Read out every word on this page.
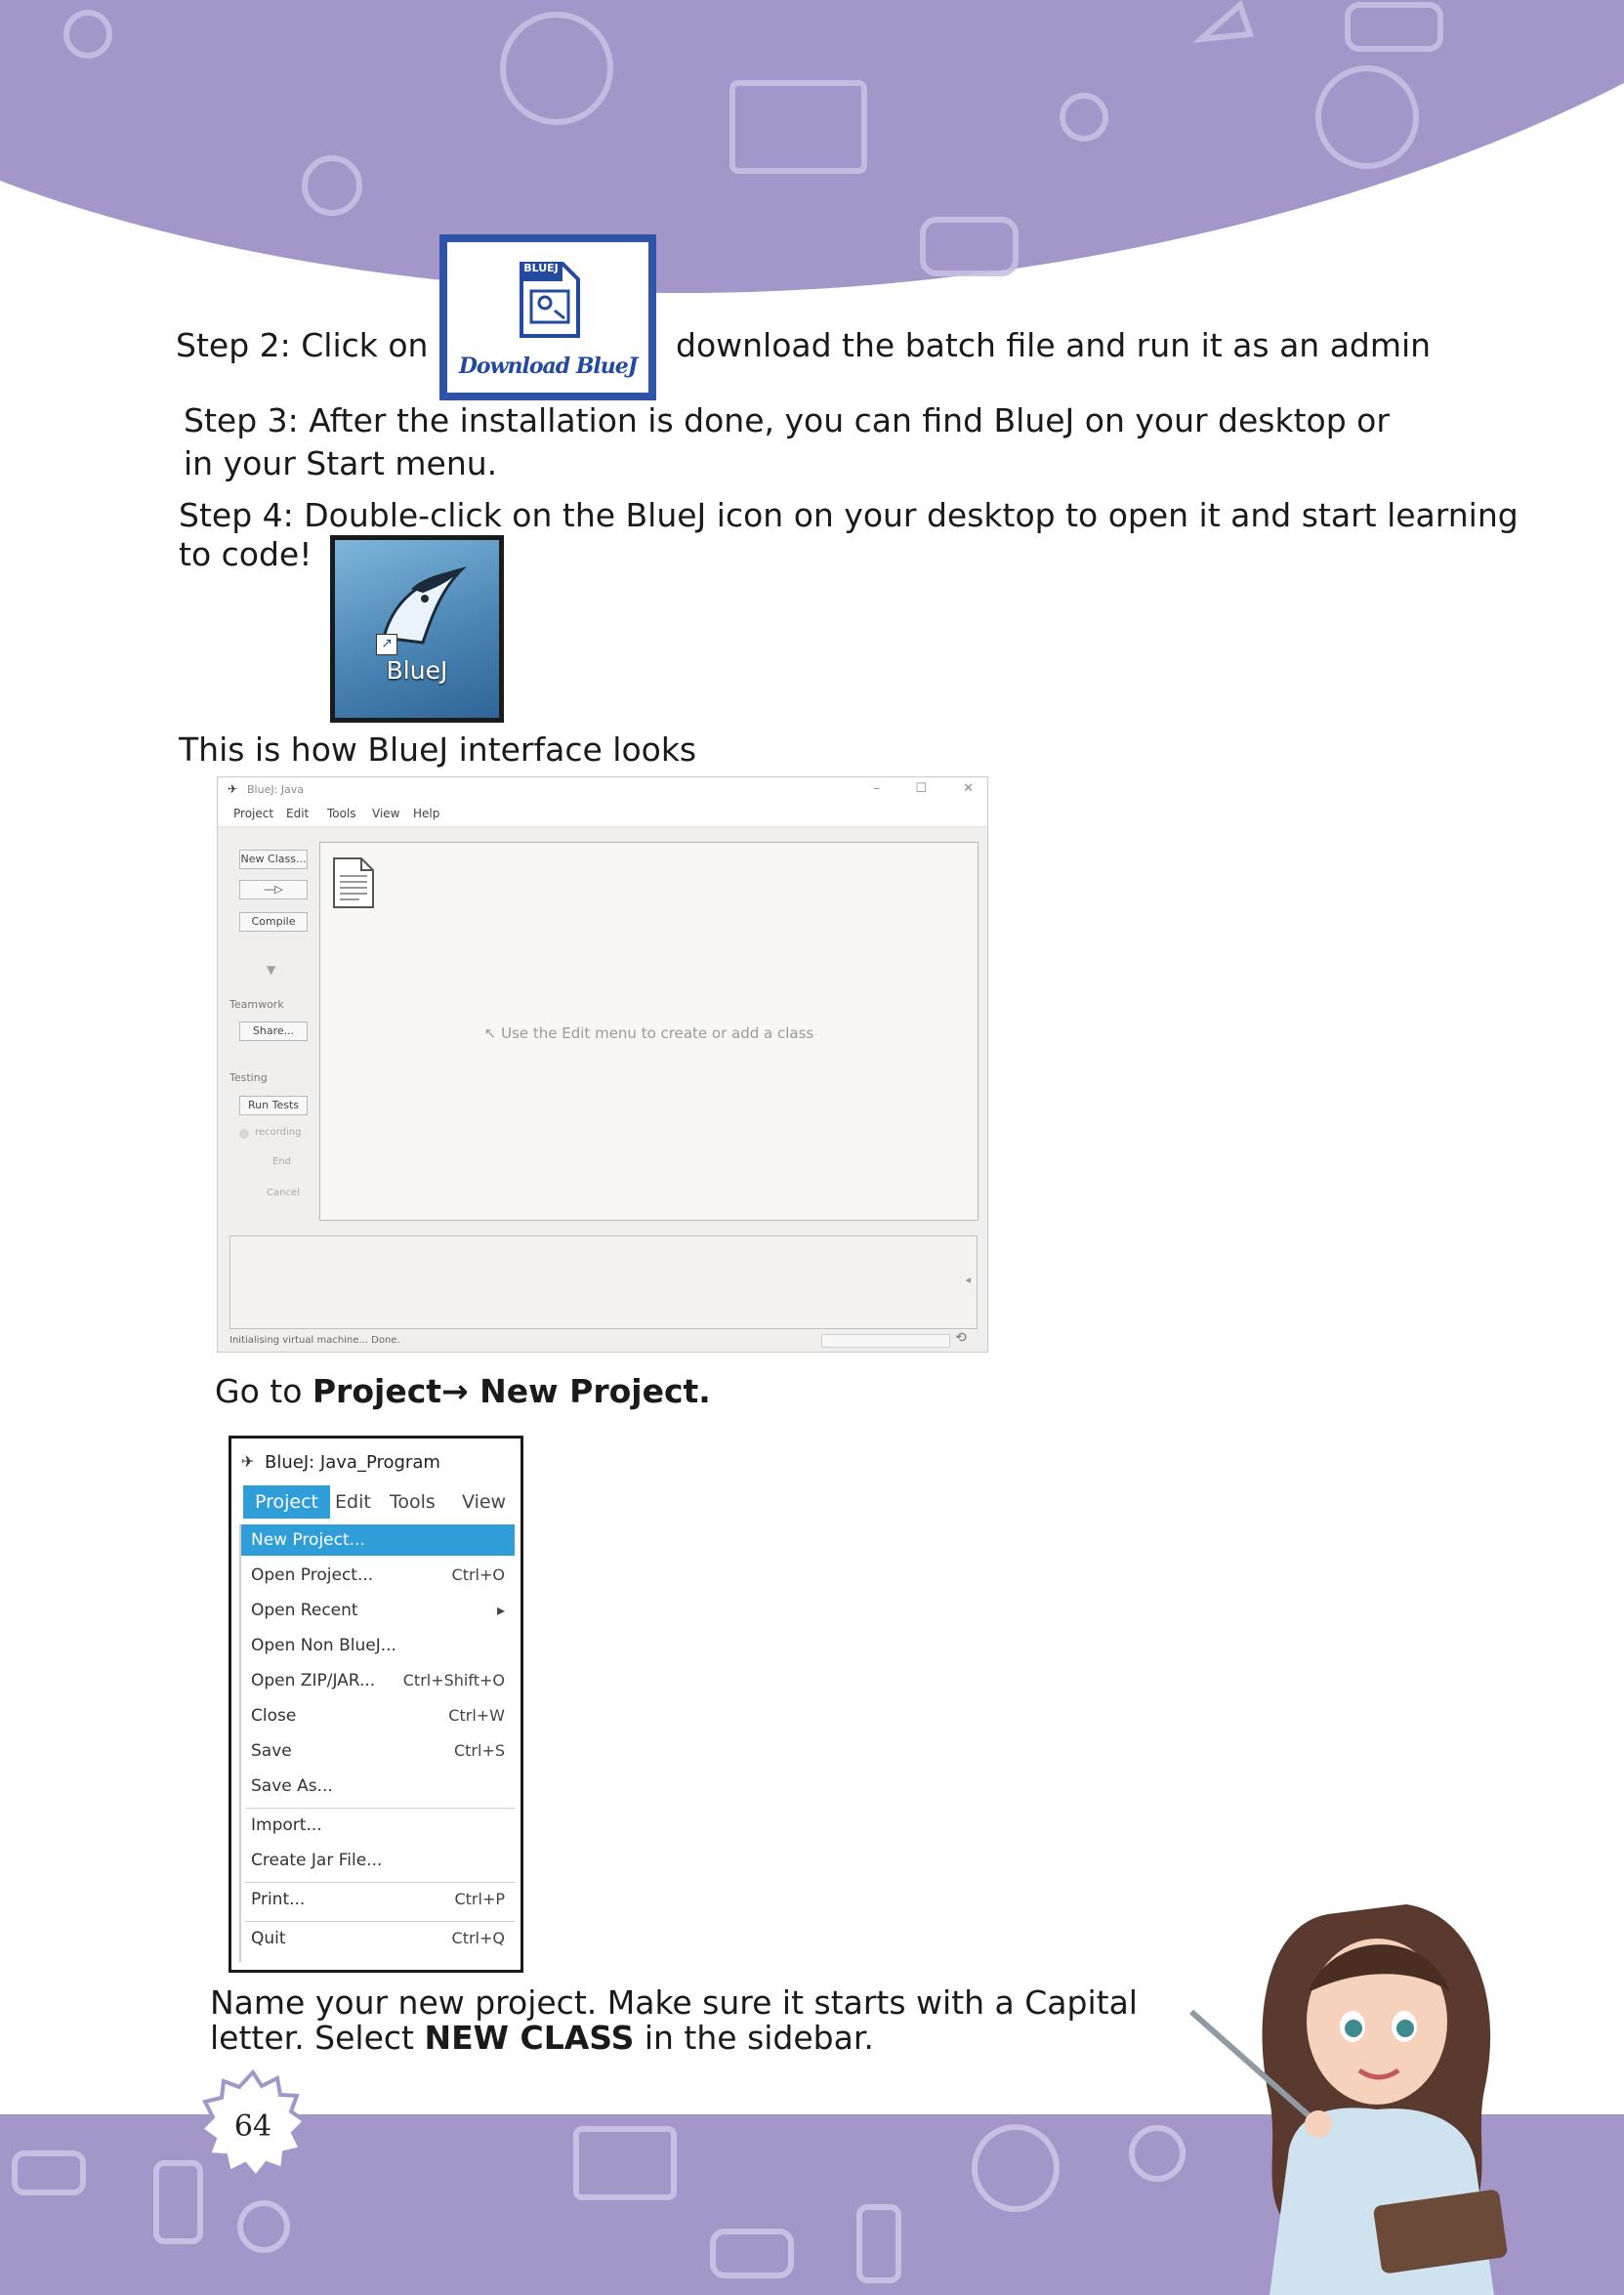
Step 2: Click on
BLUEJ
Download BlueJ
download the batch file and run it as an admin
Step 3: After the installation is done, you can find BlueJ on your desktop or
in your Start menu.
Step 4: Double-click on the BlueJ icon on your desktop to open it and start learning
to code!
↗
BlueJ
This is how BlueJ interface looks
✈ BlueJ: Java	–	☐	✕
Project Edit Tools View Help
New Class...
—▷
Compile
▼
Teamwork
Share...
Testing
Run Tests
recording
End
Cancel
↖ Use the Edit menu to create or add a class
◂
Initialising virtual machine... Done.	⟲
Go to Project→ New Project.
✈ BlueJ: Java_Program
Project Edit Tools View
New Project...
Open Project...	Ctrl+O
Open Recent	▸
Open Non BlueJ...
Open ZIP/JAR... Ctrl+Shift+O
Close	Ctrl+W
Save	Ctrl+S
Save As...
Import...
Create Jar File...
Print...	Ctrl+P
Quit	Ctrl+Q
Name your new project. Make sure it starts with a Capital
letter. Select NEW CLASS in the sidebar.
64
